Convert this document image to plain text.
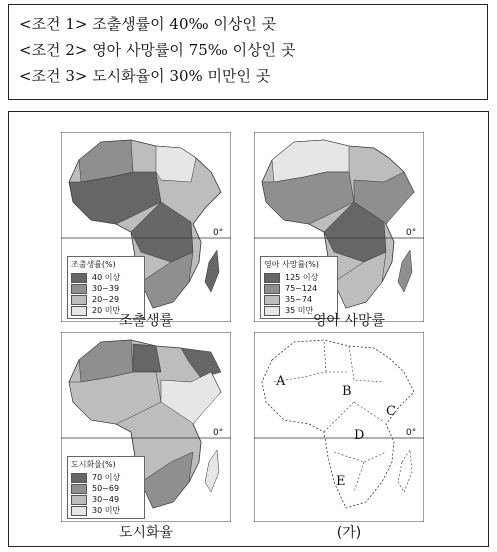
<조건 1> 조출생률이 40‰ 이상인 곳
<조건 2> 영아 사망률이 75‰ 이상인 곳
<조건 3> 도시화율이 30% 미만인 곳
0°
조출생률(%)
40 이상
30~39
20~29
20 미만
조출생률
0°
영아 사망률(%)
125 이상
75~124
35~74
35 미만
영아 사망률
0°
도시화율(%)
70 이상
50~69
30~49
30 미만
도시화율
0°
A
B
C
D
E
(가)
